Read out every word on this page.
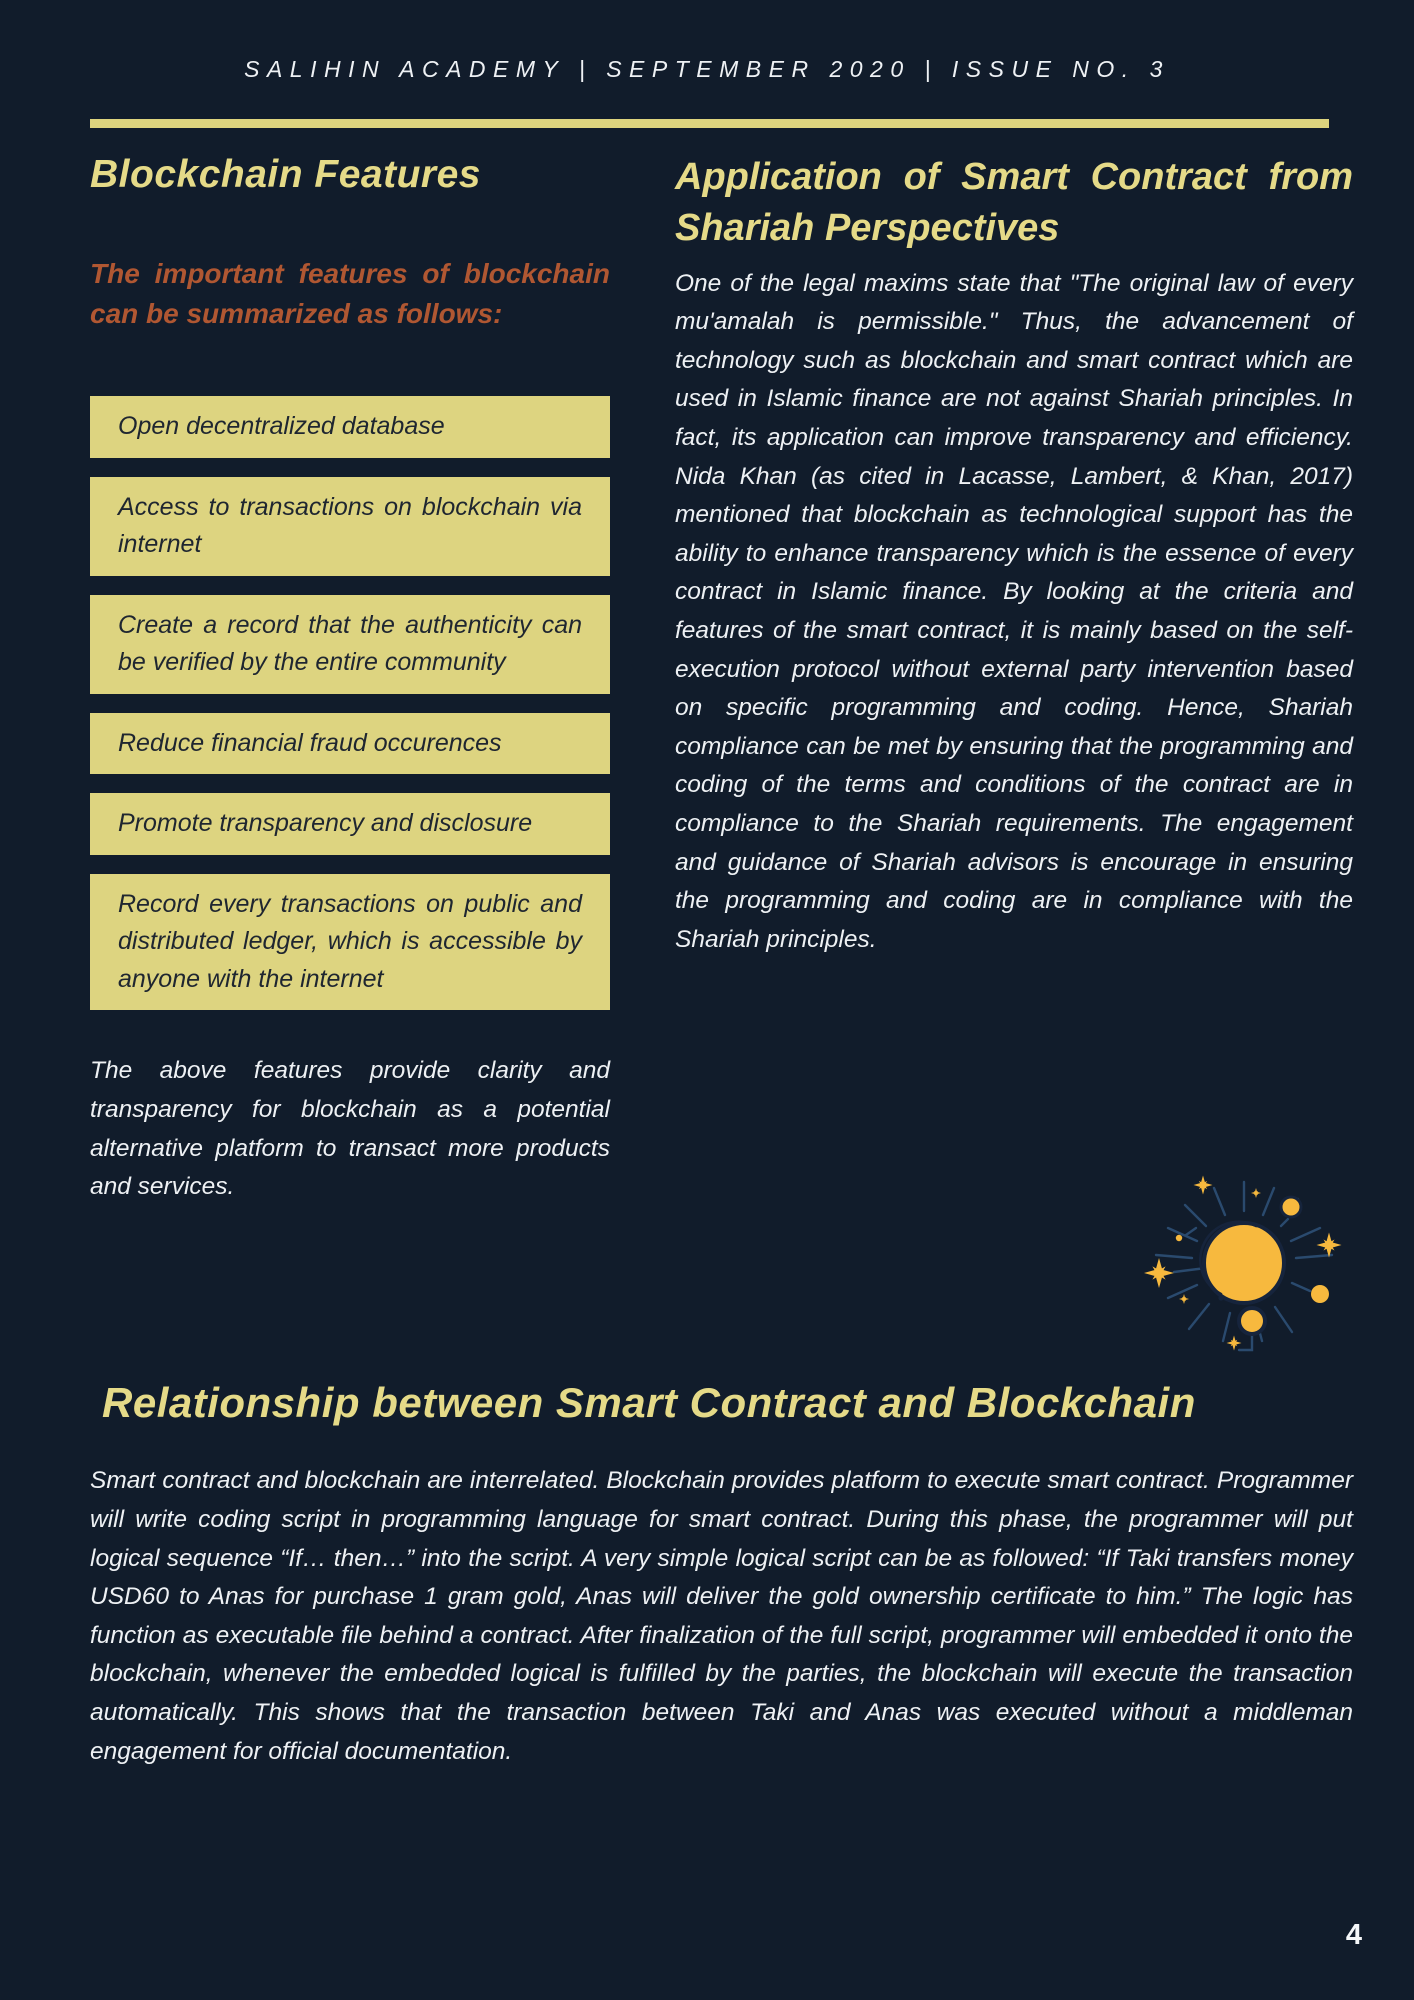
SALIHIN ACADEMY | SEPTEMBER 2020 | ISSUE NO. 3
Blockchain Features

The important features of blockchain can be summarized as follows:

Open decentralized database
Access to transactions on blockchain via internet
Create a record that the authenticity can be verified by the entire community
Reduce financial fraud occurences
Promote transparency and disclosure
Record every transactions on public and distributed ledger, which is accessible by anyone with the internet

The above features provide clarity and transparency for blockchain as a potential alternative platform to transact more products and services.

Application of Smart Contract from Shariah Perspectives

One of the legal maxims state that "The original law of every mu'amalah is permissible." Thus, the advancement of technology such as blockchain and smart contract which are used in Islamic finance are not against Shariah principles. In fact, its application can improve transparency and efficiency. Nida Khan (as cited in Lacasse, Lambert, & Khan, 2017) mentioned that blockchain as technological support has the ability to enhance transparency which is the essence of every contract in Islamic finance. By looking at the criteria and features of the smart contract, it is mainly based on the self-execution protocol without external party intervention based on specific programming and coding. Hence, Shariah compliance can be met by ensuring that the programming and coding of the terms and conditions of the contract are in compliance to the Shariah requirements. The engagement and guidance of Shariah advisors is encourage in ensuring the programming and coding are in compliance with the Shariah principles.

Relationship between Smart Contract and Blockchain

Smart contract and blockchain are interrelated. Blockchain provides platform to execute smart contract. Programmer will write coding script in programming language for smart contract. During this phase, the programmer will put logical sequence “If… then…” into the script. A very simple logical script can be as followed: “If Taki transfers money USD60 to Anas for purchase 1 gram gold, Anas will deliver the gold ownership certificate to him.” The logic has function as executable file behind a contract. After finalization of the full script, programmer will embedded it onto the blockchain, whenever the embedded logical is fulfilled by the parties, the blockchain will execute the transaction automatically. This shows that the transaction between Taki and Anas was executed without a middleman engagement for official documentation.

4
